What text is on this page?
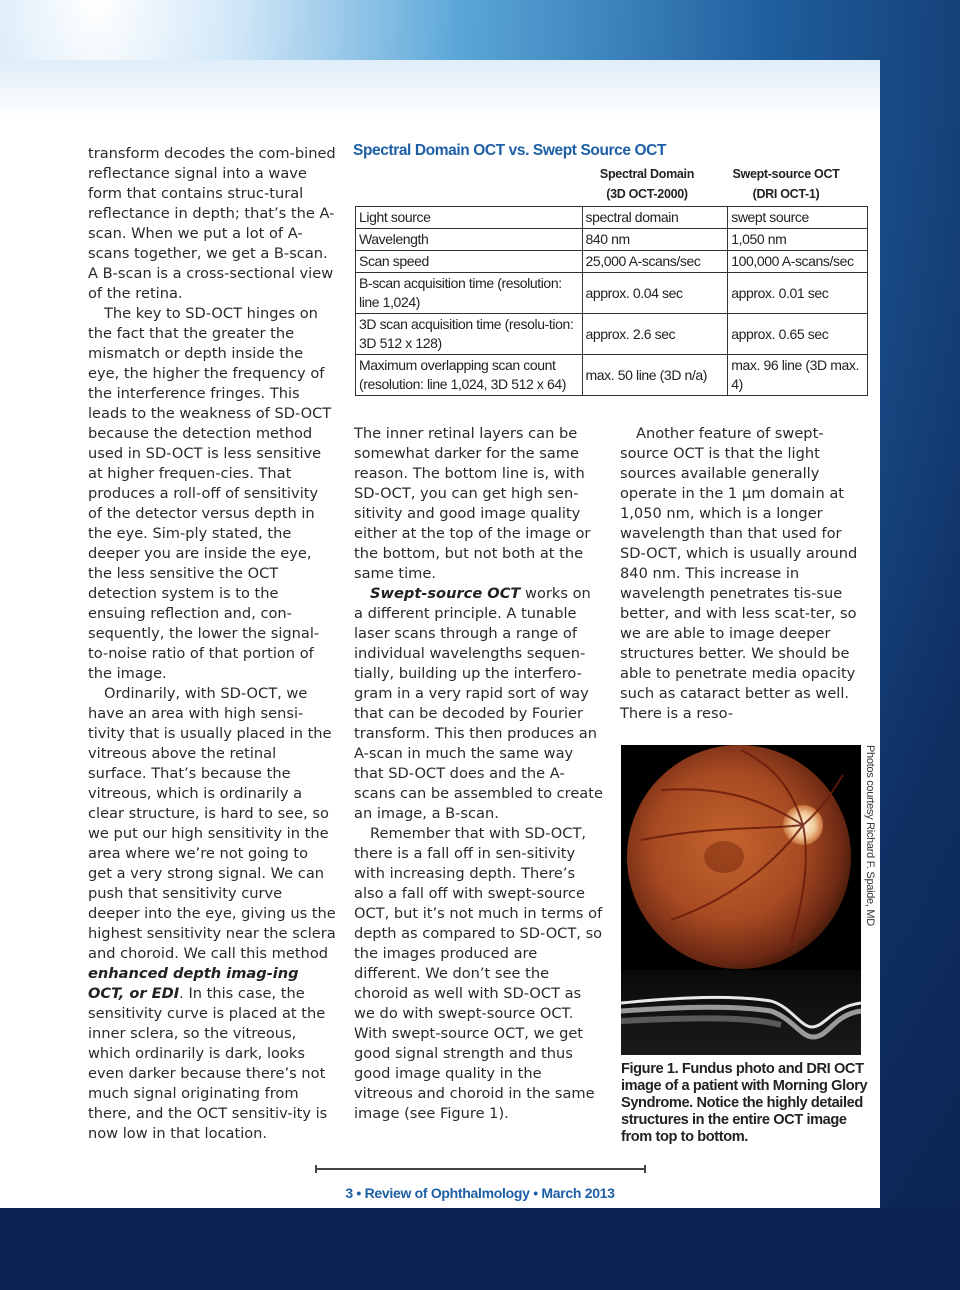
transform decodes the com-bined reflectance signal into a wave form that contains struc-tural reflectance in depth; that’s the A-scan. When we put a lot of A-scans together, we get a B-scan. A B-scan is a cross-sectional view of the retina.

The key to SD-OCT hinges on the fact that the greater the mismatch or depth inside the eye, the higher the frequency of the interference fringes. This leads to the weakness of SD-OCT because the detection method used in SD-OCT is less sensitive at higher frequen-cies. That produces a roll-off of sensitivity of the detector versus depth in the eye. Sim-ply stated, the deeper you are inside the eye, the less sensitive the OCT detection system is to the ensuing reflection and, con-sequently, the lower the signal-to-noise ratio of that portion of the image.

Ordinarily, with SD-OCT, we have an area with high sensi-tivity that is usually placed in the vitreous above the retinal surface. That’s because the vitreous, which is ordinarily a clear structure, is hard to see, so we put our high sensitivity in the area where we’re not going to get a very strong signal. We can push that sensitivity curve deeper into the eye, giving us the highest sensitivity near the sclera and choroid. We call this method enhanced depth imag-ing OCT, or EDI. In this case, the sensitivity curve is placed at the inner sclera, so the vitreous, which ordinarily is dark, looks even darker because there’s not much signal originating from there, and the OCT sensitiv-ity is now low in that location.

Spectral Domain OCT vs. Swept Source OCT
Spectral Domain
(3D OCT-2000)
Swept-source OCT
(DRI OCT-1)
Light source	spectral domain	swept source
Wavelength	840 nm	1,050 nm
Scan speed	25,000 A-scans/sec	100,000 A-scans/sec
B-scan acquisition time (resolution: line 1,024)	approx. 0.04 sec	approx. 0.01 sec
3D scan acquisition time (resolu-tion: 3D 512 x 128)	approx. 2.6 sec	approx. 0.65 sec
Maximum overlapping scan count (resolution: line 1,024, 3D 512 x 64)	max. 50 line (3D n/a)	max. 96 line (3D max. 4)

The inner retinal layers can be somewhat darker for the same reason. The bottom line is, with SD-OCT, you can get high sen-sitivity and good image quality either at the top of the image or the bottom, but not both at the same time.

Swept-source OCT works on a different principle. A tunable laser scans through a range of individual wavelengths sequen-tially, building up the interfero-gram in a very rapid sort of way that can be decoded by Fourier transform. This then produces an A-scan in much the same way that SD-OCT does and the A-scans can be assembled to create an image, a B-scan.

Remember that with SD-OCT, there is a fall off in sen-sitivity with increasing depth. There’s also a fall off with swept-source OCT, but it’s not much in terms of depth as compared to SD-OCT, so the images produced are different. We don’t see the choroid as well with SD-OCT as we do with swept-source OCT. With swept-source OCT, we get good signal strength and thus good image quality in the vitreous and choroid in the same image (see Figure 1).

Another feature of swept-source OCT is that the light sources available generally operate in the 1 µm domain at 1,050 nm, which is a longer wavelength than that used for SD-OCT, which is usually around 840 nm. This increase in wavelength penetrates tis-sue better, and with less scat-ter, so we are able to image deeper structures better. We should be able to penetrate media opacity such as cataract better as well. There is a reso-

Photos courtesy Richard F. Spaide, MD
Figure 1. Fundus photo and DRI OCT image of a patient with Morning Glory Syndrome. Notice the highly detailed structures in the entire OCT image from top to bottom.
3 • Review of Ophthalmology • March 2013
